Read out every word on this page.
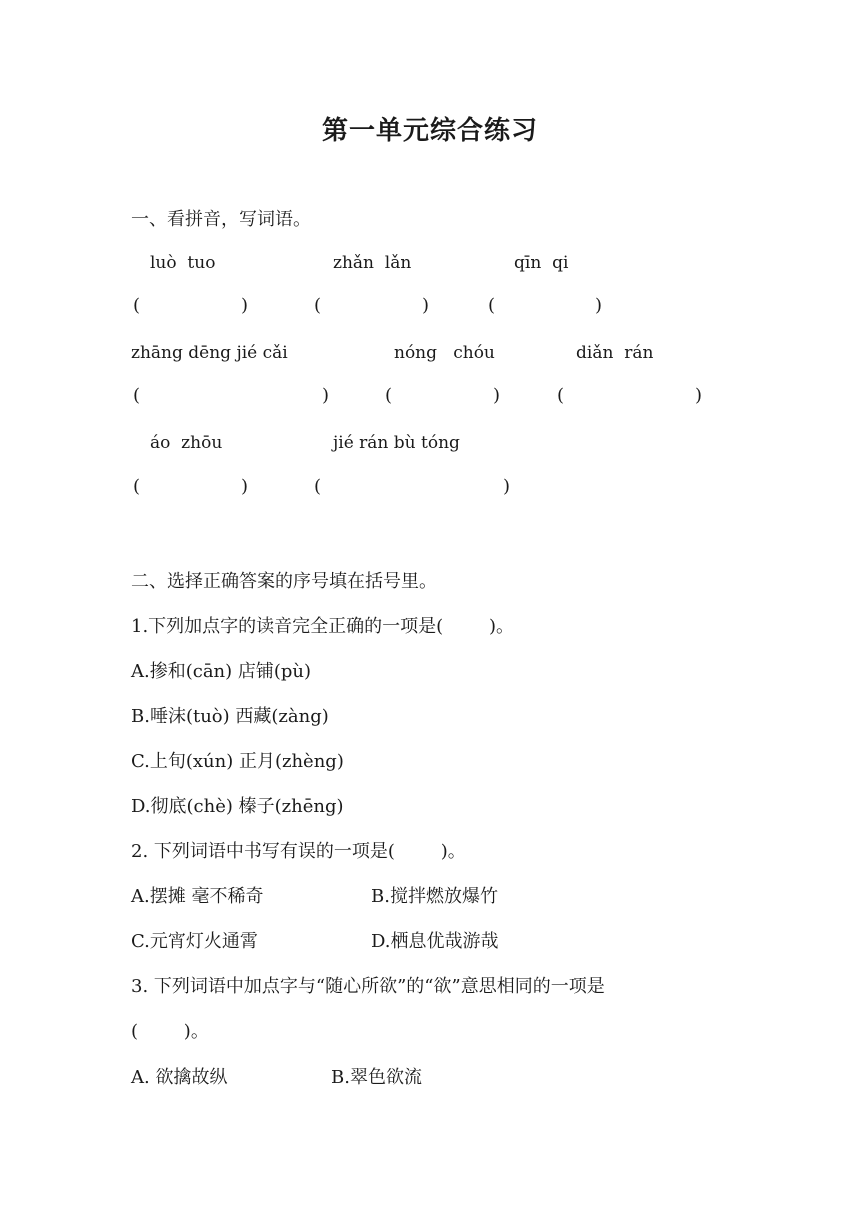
第一单元综合练习
一、看拼音，写词语。
luò  tuo	zhǎn  lǎn	qīn  qi
(	)	(	)	(	)
zhāng dēng jié cǎi	nóng   chóu	diǎn  rán
(	)	(	)	(	)
áo  zhōu	jié rán bù tóng
(	)	(	)
二、选择正确答案的序号填在括号里。
1.下列加点字的读音完全正确的一项是(        )。
A.掺和(cān) 店铺(pù)
B.唾沫(tuò) 西藏(zàng)
C.上旬(xún) 正月(zhèng)
D.彻底(chè) 榛子(zhēng)
2. 下列词语中书写有误的一项是(        )。
A.摆摊 毫不稀奇	B.搅拌燃放爆竹
C.元宵灯火通霄	D.栖息优哉游哉
3. 下列词语中加点字与“随心所欲”的“欲”意思相同的一项是
(        )。
A. 欲擒故纵	B.翠色欲流
